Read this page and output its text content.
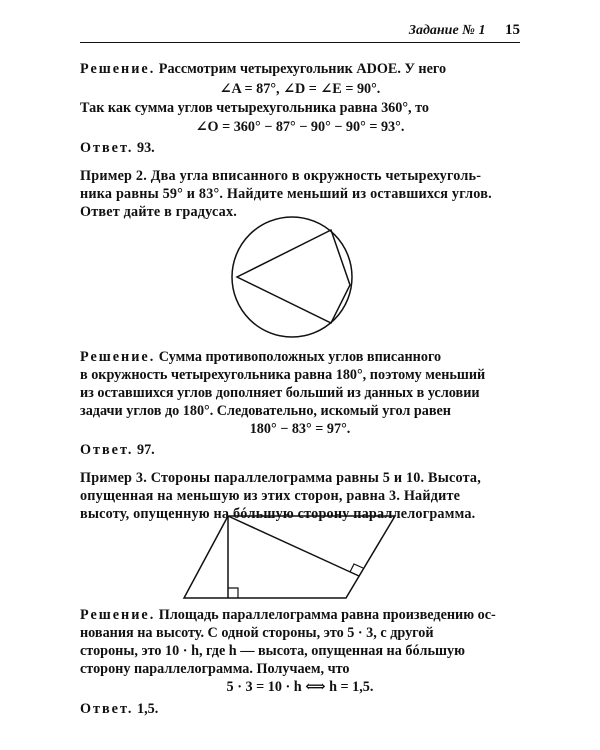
Задание № 1 15
Решение. Рассмотрим четырехугольник ADOE. У него
∠A = 87°, ∠D = ∠E = 90°.
Так как сумма углов четырехугольника равна 360°, то
∠O = 360° − 87° − 90° − 90° = 93°.
Ответ. 93.
Пример 2. Два угла вписанного в окружность четырехуголь-
ника равны 59° и 83°. Найдите меньший из оставшихся углов.
Ответ дайте в градусах.
Решение. Сумма противоположных углов вписанного
в окружность четырехугольника равна 180°, поэтому меньший
из оставшихся углов дополняет больший из данных в условии
задачи углов до 180°. Следовательно, искомый угол равен
180° − 83° = 97°.
Ответ. 97.
Пример 3. Стороны параллелограмма равны 5 и 10. Высота,
опущенная на меньшую из этих сторон, равна 3. Найдите
высоту, опущенную на бóльшую сторону параллелограмма.
Решение. Площадь параллелограмма равна произведению ос-
нования на высоту. С одной стороны, это 5 · 3, с другой
стороны, это 10 · h, где h — высота, опущенная на бóльшую
сторону параллелограмма. Получаем, что
5 · 3 = 10 · h ⟺ h = 1,5.
Ответ. 1,5.
